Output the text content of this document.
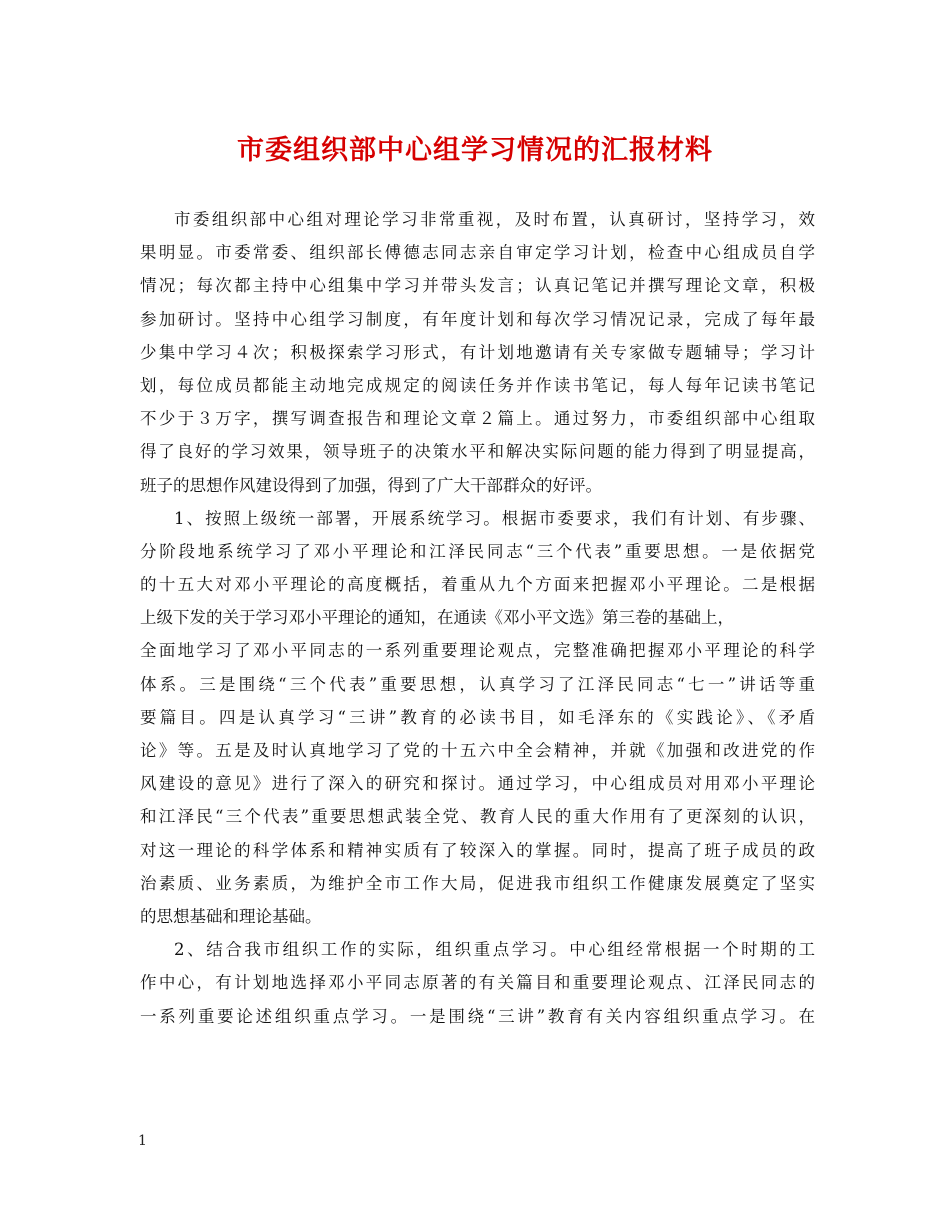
市委组织部中心组学习情况的汇报材料
市委组织部中心组对理论学习非常重视，及时布置，认真研讨，坚持学习，效
果明显。市委常委、组织部长傅德志同志亲自审定学习计划，检查中心组成员自学
情况；每次都主持中心组集中学习并带头发言；认真记笔记并撰写理论文章，积极
参加研讨。坚持中心组学习制度，有年度计划和每次学习情况记录，完成了每年最
少集中学习４次；积极探索学习形式，有计划地邀请有关专家做专题辅导；学习计
划，每位成员都能主动地完成规定的阅读任务并作读书笔记，每人每年记读书笔记
不少于３万字，撰写调查报告和理论文章２篇上。通过努力，市委组织部中心组取
得了良好的学习效果，领导班子的决策水平和解决实际问题的能力得到了明显提高，
班子的思想作风建设得到了加强，得到了广大干部群众的好评。
1、按照上级统一部署，开展系统学习。根据市委要求，我们有计划、有步骤、
分阶段地系统学习了邓小平理论和江泽民同志“三个代表”重要思想。一是依据党
的十五大对邓小平理论的高度概括，着重从九个方面来把握邓小平理论。二是根据
上级下发的关于学习邓小平理论的通知，在通读《邓小平文选》第三卷的基础上，
全面地学习了邓小平同志的一系列重要理论观点，完整准确把握邓小平理论的科学
体系。三是围绕“三个代表”重要思想，认真学习了江泽民同志“七一”讲话等重
要篇目。四是认真学习“三讲”教育的必读书目，如毛泽东的《实践论》、《矛盾
论》等。五是及时认真地学习了党的十五六中全会精神，并就《加强和改进党的作
风建设的意见》进行了深入的研究和探讨。通过学习，中心组成员对用邓小平理论
和江泽民“三个代表”重要思想武装全党、教育人民的重大作用有了更深刻的认识，
对这一理论的科学体系和精神实质有了较深入的掌握。同时，提高了班子成员的政
治素质、业务素质，为维护全市工作大局，促进我市组织工作健康发展奠定了坚实
的思想基础和理论基础。
2、结合我市组织工作的实际，组织重点学习。中心组经常根据一个时期的工
作中心，有计划地选择邓小平同志原著的有关篇目和重要理论观点、江泽民同志的
一系列重要论述组织重点学习。一是围绕“三讲”教育有关内容组织重点学习。在
1
